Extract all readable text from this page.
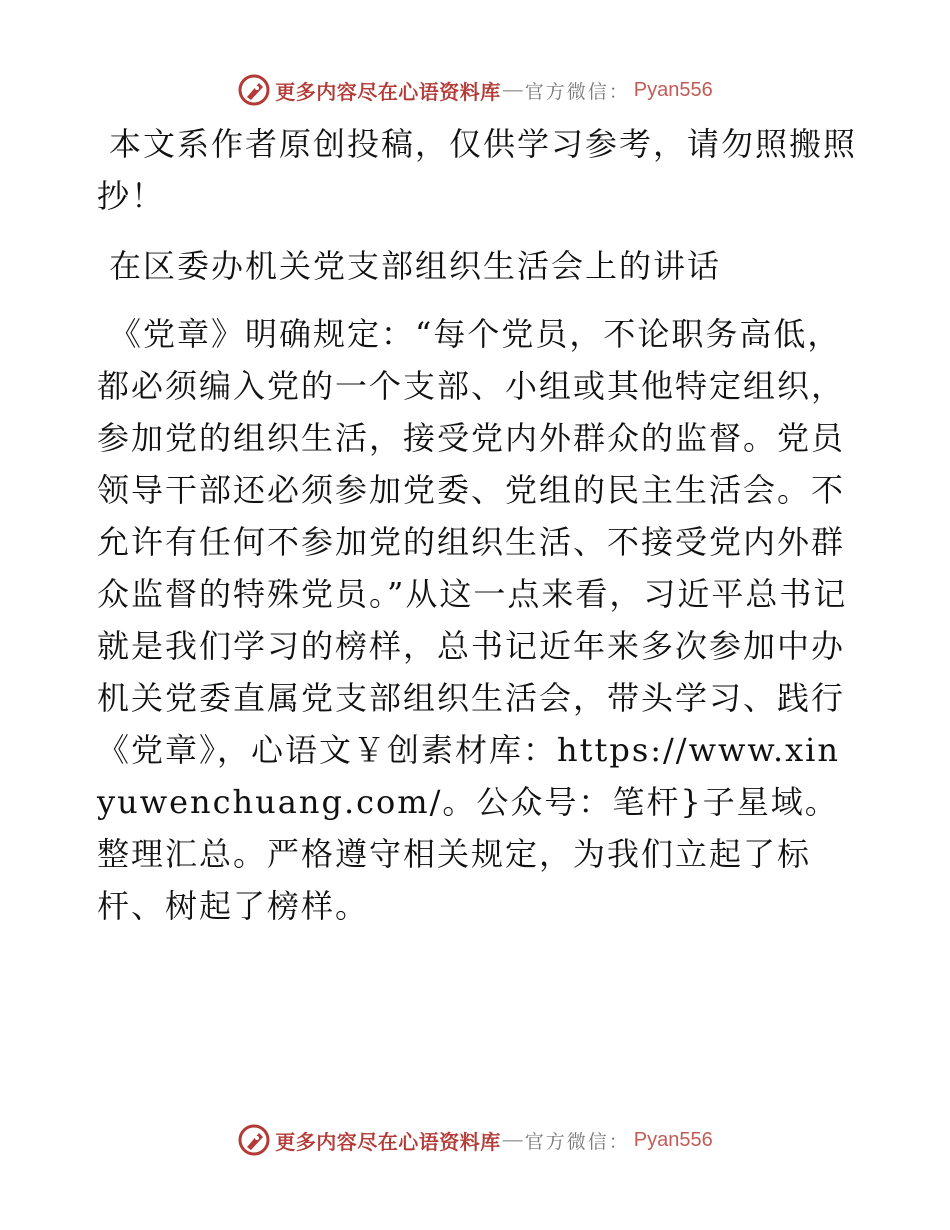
更多内容尽在心语资料库 — 官方微信： Pyan556

本文系作者原创投稿，仅供学习参考，请勿照搬照抄！

在区委办机关党支部组织生活会上的讲话

《党章》明确规定：“每个党员，不论职务高低，都必须编入党的一个支部、小组或其他特定组织，参加党的组织生活，接受党内外群众的监督。党员领导干部还必须参加党委、党组的民主生活会。不允许有任何不参加党的组织生活、不接受党内外群众监督的特殊党员。”从这一点来看，习近平总书记就是我们学习的榜样，总书记近年来多次参加中办机关党委直属党支部组织生活会，带头学习、践行《党章》，心语文￥创素材库：https://www.xinyuwenchuang.com/。公众号：笔杆}子星域。整理汇总。严格遵守相关规定，为我们立起了标杆、树起了榜样。

更多内容尽在心语资料库 — 官方微信： Pyan556
